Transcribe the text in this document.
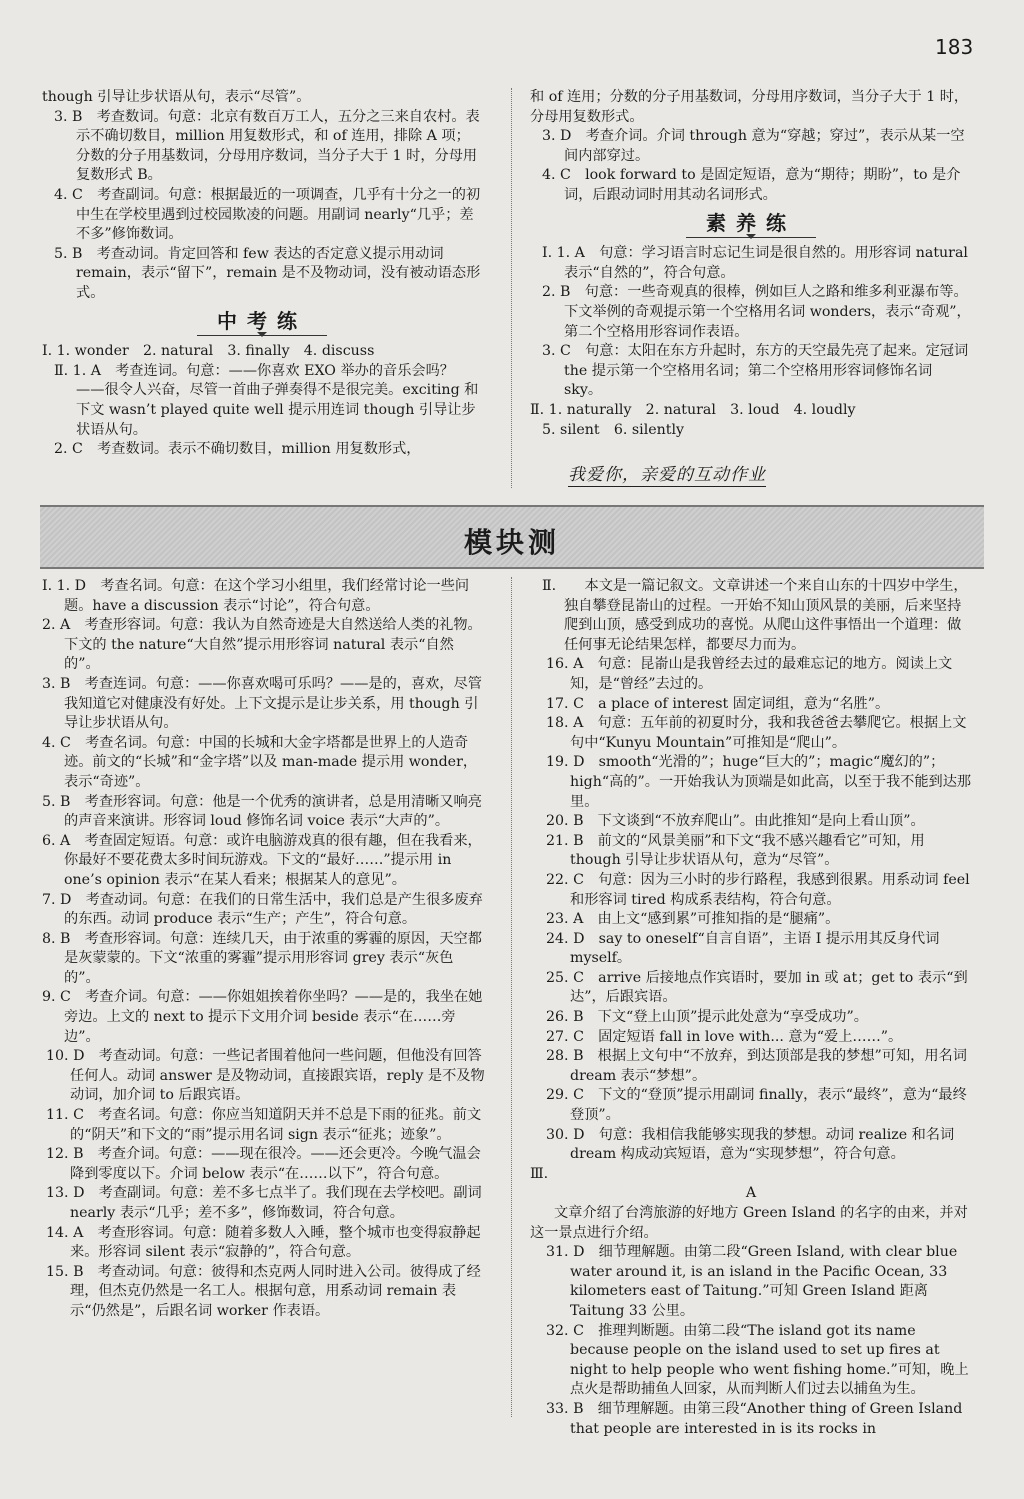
183

though 引导让步状语从句，表示“尽管”。

3. B　考查数词。句意：北京有数百万工人，五分之三来自农村。表示不确切数目，million 用复数形式，和 of 连用，排除 A 项；分数的分子用基数词，分母用序数词，当分子大于 1 时，分母用复数形式 B。

4. C　考查副词。句意：根据最近的一项调查，几乎有十分之一的初中生在学校里遇到过校园欺凌的问题。用副词 nearly“几乎；差不多”修饰数词。

5. B　考查动词。肯定回答和 few 表达的否定意义提示用动词 remain，表示“留下”，remain 是不及物动词，没有被动语态形式。

中考练

Ⅰ. 1. wonder　2. natural　3. finally　4. discuss

Ⅱ. 1. A　考查连词。句意：——你喜欢 EXO 举办的音乐会吗？——很令人兴奋，尽管一首曲子弹奏得不是很完美。exciting 和下文 wasn’t played quite well 提示用连词 though 引导让步状语从句。

2. C　考查数词。表示不确切数目，million 用复数形式，

和 of 连用；分数的分子用基数词，分母用序数词，当分子大于 1 时，分母用复数形式。

3. D　考查介词。介词 through 意为“穿越；穿过”，表示从某一空间内部穿过。

4. C　look forward to 是固定短语，意为“期待；期盼”，to 是介词，后跟动词时用其动名词形式。

素养练

Ⅰ. 1. A　句意：学习语言时忘记生词是很自然的。用形容词 natural 表示“自然的”，符合句意。

2. B　句意：一些奇观真的很棒，例如巨人之路和维多利亚瀑布等。下文举例的奇观提示第一个空格用名词 wonders，表示“奇观”，第二个空格用形容词作表语。

3. C　句意：太阳在东方升起时，东方的天空最先亮了起来。定冠词 the 提示第一个空格用名词；第二个空格用形容词修饰名词 sky。

Ⅱ. 1. naturally　2. natural　3. loud　4. loudly

5. silent　6. silently

我爱你，亲爱的互动作业
模块测

Ⅰ. 1. D　考查名词。句意：在这个学习小组里，我们经常讨论一些问题。have a discussion 表示“讨论”，符合句意。

2. A　考查形容词。句意：我认为自然奇迹是大自然送给人类的礼物。下文的 the nature“大自然”提示用形容词 natural 表示“自然的”。

3. B　考查连词。句意：——你喜欢喝可乐吗？——是的，喜欢，尽管我知道它对健康没有好处。上下文提示是让步关系，用 though 引导让步状语从句。

4. C　考查名词。句意：中国的长城和大金字塔都是世界上的人造奇迹。前文的“长城”和“金字塔”以及 man-made 提示用 wonder，表示“奇迹”。

5. B　考查形容词。句意：他是一个优秀的演讲者，总是用清晰又响亮的声音来演讲。形容词 loud 修饰名词 voice 表示“大声的”。

6. A　考查固定短语。句意：或许电脑游戏真的很有趣，但在我看来，你最好不要花费太多时间玩游戏。下文的“最好……”提示用 in one’s opinion 表示“在某人看来；根据某人的意见”。

7. D　考查动词。句意：在我们的日常生活中，我们总是产生很多废弃的东西。动词 produce 表示“生产；产生”，符合句意。

8. B　考查形容词。句意：连续几天，由于浓重的雾霾的原因，天空都是灰蒙蒙的。下文“浓重的雾霾”提示用形容词 grey 表示“灰色的”。

9. C　考查介词。句意：——你姐姐挨着你坐吗？——是的，我坐在她旁边。上文的 next to 提示下文用介词 beside 表示“在……旁边”。

10. D　考查动词。句意：一些记者围着他问一些问题，但他没有回答任何人。动词 answer 是及物动词，直接跟宾语，reply 是不及物动词，加介词 to 后跟宾语。

11. C　考查名词。句意：你应当知道阴天并不总是下雨的征兆。前文的“阴天”和下文的“雨”提示用名词 sign 表示“征兆；迹象”。

12. B　考查介词。句意：——现在很冷。——还会更冷。今晚气温会降到零度以下。介词 below 表示“在……以下”，符合句意。

13. D　考查副词。句意：差不多七点半了。我们现在去学校吧。副词 nearly 表示“几乎；差不多”，修饰数词，符合句意。

14. A　考查形容词。句意：随着多数人入睡，整个城市也变得寂静起来。形容词 silent 表示“寂静的”，符合句意。

15. B　考查动词。句意：彼得和杰克两人同时进入公司。彼得成了经理，但杰克仍然是一名工人。根据句意，用系动词 remain 表示“仍然是”，后跟名词 worker 作表语。

Ⅱ.　　本文是一篇记叙文。文章讲述一个来自山东的十四岁中学生，独自攀登昆嵛山的过程。一开始不知山顶风景的美丽，后来坚持爬到山顶，感受到成功的喜悦。从爬山这件事悟出一个道理：做任何事无论结果怎样，都要尽力而为。

16. A　句意：昆嵛山是我曾经去过的最难忘记的地方。阅读上文知，是“曾经”去过的。

17. C　a place of interest 固定词组，意为“名胜”。

18. A　句意：五年前的初夏时分，我和我爸爸去攀爬它。根据上文句中“Kunyu Mountain”可推知是“爬山”。

19. D　smooth“光滑的”；huge“巨大的”；magic“魔幻的”；high“高的”。一开始我认为顶端是如此高，以至于我不能到达那里。

20. B　下文谈到“不放弃爬山”。由此推知“是向上看山顶”。

21. B　前文的“风景美丽”和下文“我不感兴趣看它”可知，用 though 引导让步状语从句，意为“尽管”。

22. C　句意：因为三小时的步行路程，我感到很累。用系动词 feel 和形容词 tired 构成系表结构，符合句意。

23. A　由上文“感到累”可推知指的是“腿痛”。

24. D　say to oneself“自言自语”，主语 I 提示用其反身代词 myself。

25. C　arrive 后接地点作宾语时，要加 in 或 at；get to 表示“到达”，后跟宾语。

26. B　下文“登上山顶”提示此处意为“享受成功”。

27. C　固定短语 fall in love with... 意为“爱上……”。

28. B　根据上文句中“不放弃，到达顶部是我的梦想”可知，用名词 dream 表示“梦想”。

29. C　下文的“登顶”提示用副词 finally，表示“最终”，意为“最终登顶”。

30. D　句意：我相信我能够实现我的梦想。动词 realize 和名词 dream 构成动宾短语，意为“实现梦想”，符合句意。

Ⅲ.

A

文章介绍了台湾旅游的好地方 Green Island 的名字的由来，并对这一景点进行介绍。

31. D　细节理解题。由第二段“Green Island, with clear blue water around it, is an island in the Pacific Ocean, 33 kilometers east of Taitung.”可知 Green Island 距离 Taitung 33 公里。

32. C　推理判断题。由第二段“The island got its name because people on the island used to set up fires at night to help people who went fishing home.”可知，晚上点火是帮助捕鱼人回家，从而判断人们过去以捕鱼为生。

33. B　细节理解题。由第三段“Another thing of Green Island that people are interested in is its rocks in
